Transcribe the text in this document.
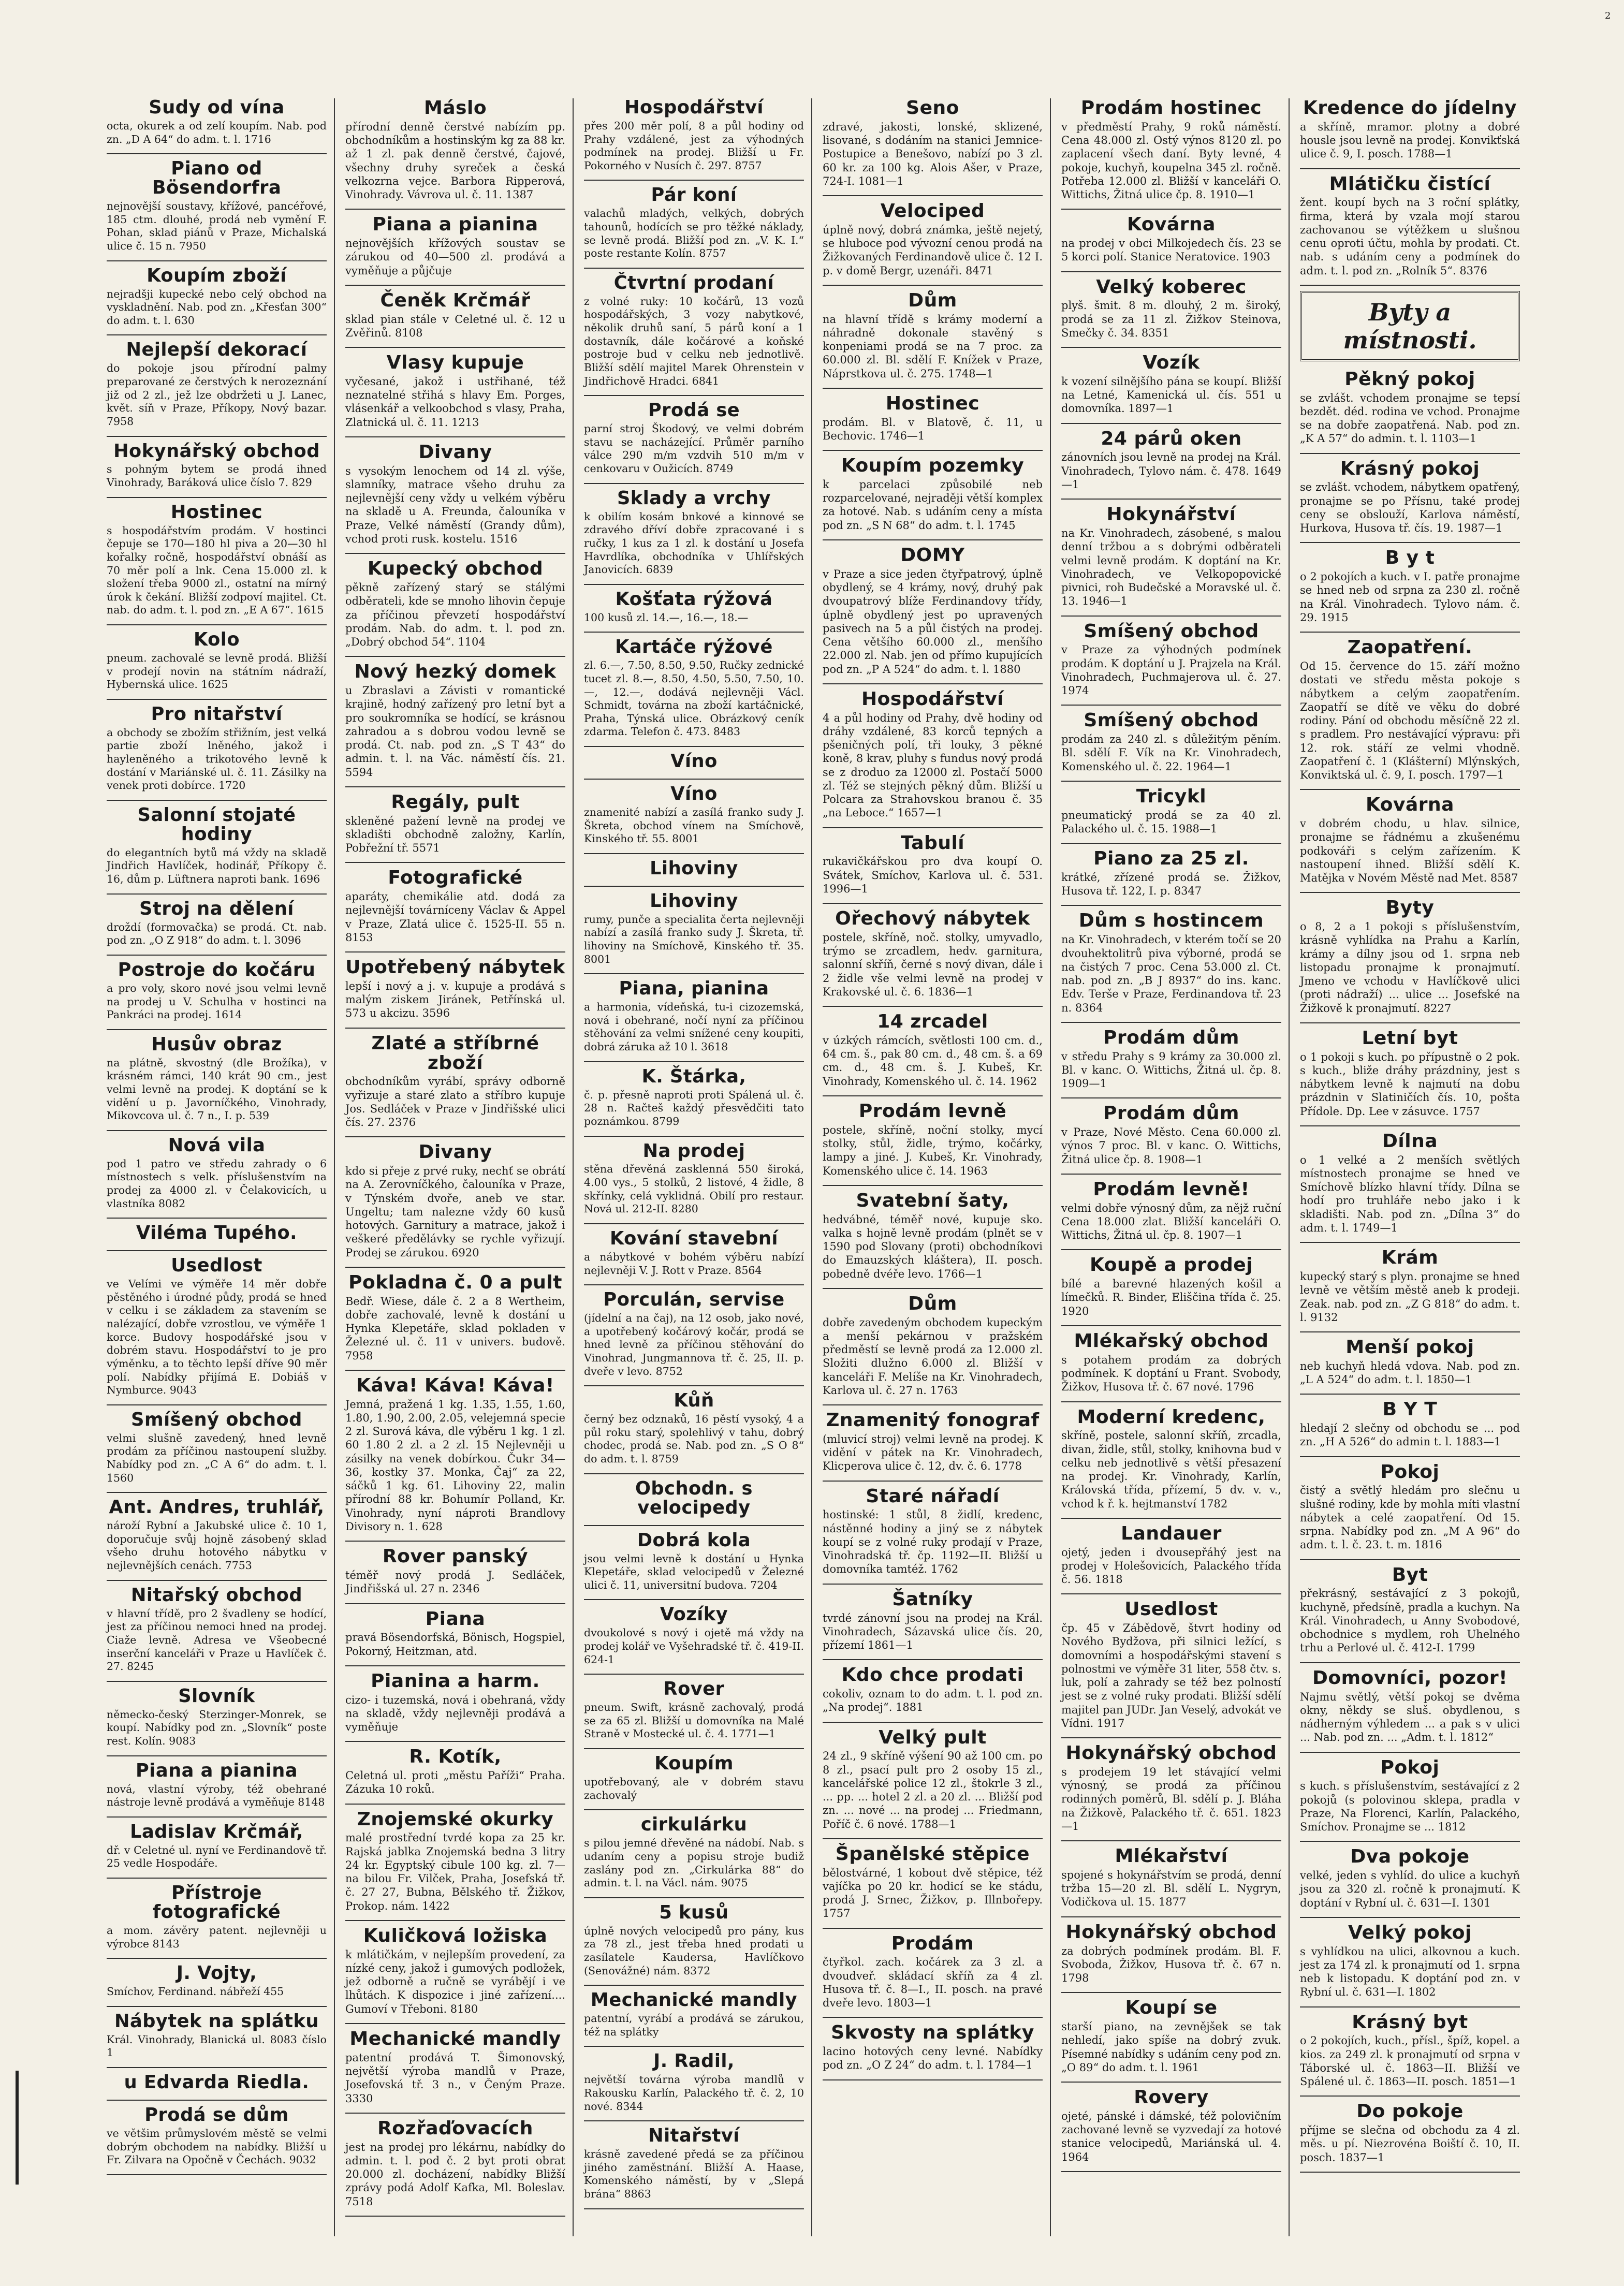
2
Sudy od vína

octa, okurek a od zelí koupím. Nab. pod zn. „D A 64“ do adm. t. l. 1716

Piano od Bösendorfra

nejnovější soustavy, křížové, pancéřové, 185 ctm. dlouhé, prodá neb vymění F. Pohan, sklad piánů v Praze, Michalská ulice č. 15 n. 7950

Koupím zboží

nejradšji kupecké nebo celý obchod na vyskladnění. Nab. pod zn. „Křesťan 300“ do adm. t. l. 630

Nejlepší dekorací

do pokoje jsou přírodní palmy preparované ze čerstvých k nerozeznání již od 2 zl., jež lze obdržeti u J. Lanec, květ. síň v Praze, Příkopy, Nový bazar. 7958

Hokynářský obchod

s pohným bytem se prodá ihned Vinohrady, Baráková ulice číslo 7. 829

Hostinec

s hospodářstvím prodám. V hostinci čepuje se 170—180 hl piva a 20—30 hl kořalky ročně, hospodářství obnáší as 70 měr polí a lnk. Cena 15.000 zl. k složení třeba 9000 zl., ostatní na mírný úrok k čekání. Bližší zodpoví majitel. Ct. nab. do adm. t. l. pod zn. „E A 67“. 1615

Kolo

pneum. zachovalé se levně prodá. Bližší v prodejí novin na státním nádraží, Hybernská ulice. 1625

Pro nitařství

a obchody se zbožím střižním, jest velká partie zboží lněného, jakož i hayleněného a trikotového levně k dostání v Mariánské ul. č. 11. Zásilky na venek proti dobírce. 1720

Salonní stojaté hodiny

do elegantních bytů má vždy na skladě Jindřich Havlíček, hodinář, Příkopy č. 16, dům p. Lüftnera naproti bank. 1696

Stroj na dělení

droždí (formovačka) se prodá. Ct. nab. pod zn. „O Z 918“ do adm. t. l. 3096

Postroje do kočáru

a pro voly, skoro nové jsou velmi levně na prodej u V. Schulha v hostinci na Pankráci na prodej. 1614

Husův obraz

na plátně, skvostný (dle Brožíka), v krásném rámci, 140 krát 90 cm., jest velmi levně na prodej. K doptání se k vidění u p. Javorníčkého, Vinohrady, Mikovcova ul. č. 7 n., I. p. 539

Nová vila

pod 1 patro ve středu zahrady o 6 místnostech s velk. příslušenstvím na prodej za 4000 zl. v Čelakovicích, u vlastníka 8082

Viléma Tupého.
Usedlost

ve Velími ve výměře 14 měr dobře pěstěného i úrodné půdy, prodá se hned v celku i se základem za stavením se nalézající, dobře vzrostlou, ve výměře 1 korce. Budovy hospodářské jsou v dobrém stavu. Hospodářství to je pro výměnku, a to těchto lepší dříve 90 měr polí. Nabídky přijímá E. Dobiáš v Nymburce. 9043

Smíšený obchod

velmi slušně zavedený, hned levně prodám za příčinou nastoupení služby. Nabídky pod zn. „C A 6“ do adm. t. l. 1560

Ant. Andres, truhlář,

nároží Rybní a Jakubské ulice č. 10 1, doporučuje svůj hojně zásobený sklad všeho druhu hotového nábytku v nejlevnějších cenách. 7753

Nitařský obchod

v hlavní třídě, pro 2 švadleny se hodící, jest za příčinou nemoci hned na prodej. Ciaže levně. Adresa ve Všeobecné inserční kanceláři v Praze u Havlíček č. 27. 8245

Slovník

německo-český Sterzinger-Monrek, se koupí. Nabídky pod zn. „Slovník“ poste rest. Kolín. 9083

Piana a pianina

nová, vlastní výroby, též obehrané nástroje levně prodává a vyměňuje 8148

Ladislav Krčmář,

dř. v Celetné ul. nyní ve Ferdinandově tř. 25 vedle Hospodáře.

Přístroje fotografické

a mom. závěry patent. nejlevněji u výrobce 8143

J. Vojty,

Smíchov, Ferdinand. nábřeží 455

Nábytek na splátku

Král. Vinohrady, Blanická ul. 8083 číslo 1

u Edvarda Riedla.
Prodá se dům

ve většim průmyslovém městě se velmi dobrým obchodem na nabídky. Bližší u Fr. Zilvara na Opočně v Čechách. 9032

Máslo

přírodní denně čerstvé nabízím pp. obchodníkům a hostinským kg za 88 kr. až 1 zl. pak denně čerstvé, čajové, všechny druhy syreček a česká velkozrna vejce. Barbora Ripperová, Vinohrady. Vávrova ul. č. 11. 1387

Piana a pianina

nejnovějších křížových soustav se zárukou od 40—500 zl. prodává a vyměňuje a půjčuje

Čeněk Krčmář

sklad pian stále v Celetné ul. č. 12 u Zvěřinů. 8108

Vlasy kupuje

vyčesané, jakož i ustřihané, též neznatelné střihá s hlavy Em. Porges, vlásenkář a velkoobchod s vlasy, Praha, Zlatnická ul. č. 11. 1213

Divany

s vysokým lenochem od 14 zl. výše, slamníky, matrace všeho druhu za nejlevnější ceny vždy u velkém výběru na skladě u A. Freunda, čalouníka v Praze, Velké náměstí (Grandy dům), vchod proti rusk. kostelu. 1516

Kupecký obchod

pěkně zařízený starý se stálými odběrateli, kde se mnoho lihovin čepuje za příčinou převzetí hospodářství prodám. Nab. do adm. t. l. pod zn. „Dobrý obchod 54“. 1104

Nový hezký domek

u Zbraslavi a Závisti v romantické krajině, hodný zařízený pro letní byt a pro soukromníka se hodící, se krásnou zahradou a s dobrou vodou levně se prodá. Ct. nab. pod zn. „S T 43“ do admin. t. l. na Vác. náměstí čís. 21. 5594

Regály, pult

skleněné pažení levně na prodej ve skladišti obchodně založny, Karlín, Pobřežní tř. 5571

Fotografické

aparáty, chemikálie atd. dodá za nejlevnější továrníceny Václav & Appel v Praze, Zlatá ulice č. 1525-II. 55 n. 8153

Upotřebený nábytek

lepší i nový a j. v. kupuje a prodává s malým ziskem Jiránek, Petřínská ul. 573 u akcizu. 3596

Zlaté a stříbrné zboží

obchodníkům vyrábí, správy odborně vyřizuje a staré zlato a stříbro kupuje Jos. Sedláček v Praze v Jindřišské ulici čís. 27. 2376

Divany

kdo si přeje z prvé ruky, nechť se obrátí na A. Zerovníčkého, čalouníka v Praze, v Týnském dvoře, aneb ve star. Ungeltu; tam nalezne vždy 60 kusů hotových. Garnitury a matrace, jakož i veškeré předělávky se rychle vyřizují. Prodej se zárukou. 6920

Pokladna č. 0 a pult

Bedř. Wiese, dále č. 2 a 8 Wertheim, dobře zachovalé, levně k dostání u Hynka Klepetáře, sklad pokladen v Železné ul. č. 11 v univers. budově. 7958

Káva! Káva! Káva!

Jemná, pražená 1 kg. 1.35, 1.55, 1.60, 1.80, 1.90, 2.00, 2.05, velejemná specie 2 zl. Surová káva, dle výběru 1 kg. 1 zl. 60 1.80 2 zl. a 2 zl. 15 Nejlevněji u zásilky na venek dobírkou. Čukr 34—36, kostky 37. Monka, Čaj“ za 22, sáčků 1 kg. 61. Lihoviny 22, malin přírodní 88 kr. Bohumír Polland, Kr. Vinohrady, nyní náproti Brandlovy Divisory n. 1. 628

Rover panský

téměř nový prodá J. Sedláček, Jindřišská ul. 27 n. 2346

Piana

pravá Bösendorfská, Bönisch, Hogspiel, Pokorný, Heitzman, atd.

Pianina a harm.

cizo- i tuzemská, nová i obehraná, vždy na skladě, vždy nejlevněji prodává a vyměňuje

R. Kotík,

Celetná ul. proti „městu Paříži“ Praha. Zázuka 10 roků.

Znojemské okurky

malé prostřední tvrdé kopa za 25 kr. Rajská jablka Znojemská bedna 3 litry 24 kr. Egyptský cibule 100 kg. zl. 7— na bilou Fr. Vilček, Praha, Josefská tř. č. 27 27, Bubna, Bělského tř. Žižkov, Prokop. nám. 1422

Kuličková ložiska

k mlátičkám, v nejlepším provedení, za nízké ceny, jakož i gumových podložek, jež odborně a ručně se vyrábějí i ve lhůtách. K dispozice i jiné zařízení.... Gumoví v Třeboni. 8180

Mechanické mandly

patentní prodává T. Šimonovský, největší výroba mandlů v Praze, Josefovská tř. 3 n., v Čeným Praze. 3330

Rozřaďovacích

jest na prodej pro lékárnu, nabídky do admin. t. l. pod č. 2 byt proti obrat 20.000 zl. docházení, nabídky Bližší zprávy podá Adolf Kafka, Ml. Boleslav. 7518

Hospodářství

přes 200 měr polí, 8 a půl hodiny od Prahy vzdálené, jest za výhodných podmínek na prodej. Bližší u Fr. Pokorného v Nusích č. 297. 8757

Pár koní

valachů mladých, velkých, dobrých tahounů, hodících se pro těžké náklady, se levně prodá. Bližší pod zn. „V. K. I.“ poste restante Kolín. 8757

Čtvrtní prodaní

z volné ruky: 10 kočárů, 13 vozů hospodářských, 3 vozy nabytkové, několik druhů saní, 5 párů koní a 1 dostavník, dále kočárové a koňské postroje bud v celku neb jednotlivě. Bližší sdělí majitel Marek Ohrenstein v Jindřichově Hradci. 6841

Prodá se

parní stroj Škodový, ve velmi dobrém stavu se nacházející. Průměr parního válce 290 m/m vzdvih 510 m/m v cenkovaru v Oužicích. 8749

Sklady a vrchy

k obilím kosám bnkové a kinnové se zdravého dříví dobře zpracované i s ručky, 1 kus za 1 zl. k dostání u Josefa Havrdlíka, obchodníka v Uhlířských Janovicích. 6839

Košťata rýžová

100 kusů zl. 14.—, 16.—, 18.—

Kartáče rýžové

zl. 6.—, 7.50, 8.50, 9.50, Ručky zednické tucet zl. 8.—, 8.50, 4.50, 5.50, 7.50, 10.—, 12.—, dodává nejlevněji Václ. Schmidt, továrna na zboží kartáčnické, Praha, Týnská ulice. Obrázkový ceník zdarma. Telefon č. 473. 8483

Víno
Víno

znamenité nabízí a zasílá franko sudy J. Škreta, obchod vínem na Smíchově, Kinského tř. 55. 8001

Lihoviny
Lihoviny

rumy, punče a specialita čerta nejlevněji nabízí a zasílá franko sudy J. Škreta, tř. lihoviny na Smíchově, Kinského tř. 35. 8001

Piana, pianina

a harmonia, vídeňská, tu-i cizozemská, nová i obehrané, nočí nyní za příčinou stěhování za velmi snížené ceny koupiti, dobrá záruka až 10 l. 3618

K. Štárka,

č. p. přesně naproti proti Spálená ul. č. 28 n. Račteš každý přesvědčiti tato poznámkou. 8799

Na prodej

stěna dřevěná zasklenná 550 široká, 4.00 vys., 5 stolků, 2 listové, 4 židle, 8 skřínky, celá vyklidná. Obilí pro restaur. Nová ul. 212-II. 8280

Kování stavební

a nábytkové v bohém výběru nabízí nejlevněji V. J. Rott v Praze. 8564

Porculán, servise

(jídelní a na čaj), na 12 osob, jako nové, a upotřebený kočárový kočár, prodá se hned levně za příčinou stěhování do Vinohrad, Jungmannova tř. č. 25, II. p. dveře v levo. 8752

Kůň

černý bez odznaků, 16 pěstí vysoký, 4 a půl roku starý, spolehlivý v tahu, dobrý chodec, prodá se. Nab. pod zn. „S O 8“ do adm. t. l. 8759

Obchodn. s velocipedy
Dobrá kola

jsou velmi levně k dostání u Hynka Klepetáře, sklad velocipedů v Železné ulici č. 11, universitní budova. 7204

Vozíky

dvoukolové s nový i ojetě má vždy na prodej kolář ve Vyšehradské tř. č. 419-II. 624-1

Rover

pneum. Swift, krásně zachovalý, prodá se za 65 zl. Bližší u domovníka na Malé Straně v Mostecké ul. č. 4. 1771—1

Koupím

upotřebovaný, ale v dobrém stavu zachovalý

cirkulárku

s pilou jemné dřevěné na nádobí. Nab. s udaním ceny a popisu stroje budiž zaslány pod zn. „Cirkulárka 88“ do admin. t. l. na Václ. nám. 9075

5 kusů

úplně nových velocipedů pro pány, kus za 78 zl., jest třeba hned prodati u zasílatele Kaudersa, Havlíčkovo (Senovážné) nám. 8372

Mechanické mandly

patentní, vyrábí a prodává se zárukou, též na splátky

J. Radil,

největší továrna výroba mandlů v Rakousku Karlín, Palackého tř. č. 2, 10 nové. 8344

Nitařství

krásně zavedené předá se za příčinou jiného zaměstnání. Bližší A. Haase, Komenského náměstí, by v „Slepá brána“ 8863

Seno

zdravé, jakosti, lonské, sklizené, lisované, s dodáním na stanici Jemnice-Postupice a Benešovo, nabízí po 3 zl. 60 kr. za 100 kg. Alois Ašer, v Praze, 724-I. 1081—1

Velociped

úplně nový, dobrá známka, ještě nejetý, se hluboce pod vývozní cenou prodá na Žižkovaných Ferdinandově ulice č. 12 I. p. v domě Bergr, uzenáři. 8471

Dům

na hlavní třídě s krámy moderní a náhradně dokonale stavěný s konpeniami prodá se na 7 proc. za 60.000 zl. Bl. sdělí F. Knížek v Praze, Náprstkova ul. č. 275. 1748—1

Hostinec

prodám. Bl. v Blatově, č. 11, u Bechovic. 1746—1

Koupím pozemky

k parcelaci způsobilé neb rozparcelované, nejraději větší komplex za hotové. Nab. s udáním ceny a místa pod zn. „S N 68“ do adm. t. l. 1745

DOMY

v Praze a sice jeden čtyřpatrový, úplně obydlený, se 4 krámy, nový, druhý pak dvoupatrový blíže Ferdinandovy třídy, úplně obydlený jest po upravených pasivech na 5 a půl čistých na prodej. Cena většího 60.000 zl., menšího 22.000 zl. Nab. jen od přímo kupujících pod zn. „P A 524“ do adm. t. l. 1880

Hospodářství

4 a půl hodiny od Prahy, dvě hodiny od dráhy vzdálené, 83 korců tepných a pšeničných polí, tři louky, 3 pěkné koně, 8 krav, pluhy s fundus nový prodá se z droduo za 12000 zl. Postačí 5000 zl. Též se stejných pěkný dům. Bližší u Polcara za Strahovskou branou č. 35 „na Leboce.“ 1657—1

Tabulí

rukavičkářskou pro dva koupí O. Svátek, Smíchov, Karlova ul. č. 531. 1996—1

Ořechový nábytek

postele, skříně, noč. stolky, umyvadlo, trýmo se zrcadlem, hedv. garnitura, salonní skříň, černé s nový divan, dále i 2 židle vše velmi levně na prodej v Krakovské ul. č. 6. 1836—1

14 zrcadel

v úzkých rámcích, světlosti 100 cm. d., 64 cm. š., pak 80 cm. d., 48 cm. š. a 69 cm. d., 48 cm. š. J. Kubeš, Kr. Vinohrady, Komenského ul. č. 14. 1962

Prodám levně

postele, skříně, noční stolky, mycí stolky, stůl, židle, trýmo, kočárky, lampy a jiné. J. Kubeš, Kr. Vinohrady, Komenského ulice č. 14. 1963

Svatební šaty,

hedvábné, téměř nové, kupuje sko. valka s hojně levně prodám (plnět se v 1590 pod Slovany (proti) obchodníkovi do Emauzských kláštera), II. posch. pobedně dvéře levo. 1766—1

Dům

dobře zavedeným obchodem kupeckým a menší pekárnou v pražském předměstí se levně prodá za 12.000 zl. Složiti dlužno 6.000 zl. Bližší v kanceláři F. Melíše na Kr. Vinohradech, Karlova ul. č. 27 n. 1763

Znamenitý fonograf

(mluvicí stroj) velmi levně na prodej. K vidění v pátek na Kr. Vinohradech, Klicperova ulice č. 12, dv. č. 6. 1778

Staré nářadí

hostinské: 1 stůl, 8 židlí, kredenc, nástěnné hodiny a jiný se z nábytek koupí se z volné ruky prodají v Praze, Vinohradská tř. čp. 1192—II. Bližší u domovníka tamtéž. 1762

Šatníky

tvrdé zánovní jsou na prodej na Král. Vinohradech, Sázavská ulice čís. 20, přízemí 1861—1

Kdo chce prodati

cokoliv, oznam to do adm. t. l. pod zn. „Na prodej“. 1881

Velký pult

24 zl., 9 skříně výšení 90 až 100 cm. po 8 zl., psací pult pro 2 osoby 15 zl., kancelářské police 12 zl., štokrle 3 zl., ... pp. ... hotel 2 zl. a 20 zl. ... Bližší pod zn. ... nové ... na prodej ... Friedmann, Poříč č. 6 nové. 1788—1

Španělské stěpice

bělostvárné, 1 kobout dvě stěpice, též vajíčka po 20 kr. hodicí se ke stádu, prodá J. Srnec, Žižkov, p. Illnbořepy. 1757

Prodám

čtyřkol. zach. kočárek za 3 zl. a dvoudveř. skládací skříň za 4 zl. Husova tř. č. 8—I., II. posch. na pravé dveře levo. 1803—1

Skvosty na splátky

lacino hotových ceny levné. Nabídky pod zn. „O Z 24“ do adm. t. l. 1784—1

Prodám hostinec

v předměstí Prahy, 9 roků náměstí. Cena 48.000 zl. Ostý výnos 8120 zl. po zaplacení všech daní. Byty levné, 4 pokoje, kuchyň, koupelna 345 zl. ročně. Potřeba 12.000 zl. Bližší v kanceláři O. Wittichs, Žitná ulice čp. 8. 1910—1

Kovárna

na prodej v obci Milkojedech čís. 23 se 5 korci polí. Stanice Neratovice. 1903

Velký koberec

plyš. šmit. 8 m. dlouhý, 2 m. široký, prodá se za 11 zl. Žižkov Steinova, Smečky č. 34. 8351

Vozík

k vození silnějšího pána se koupí. Bližší na Letné, Kamenická ul. čís. 551 u domovníka. 1897—1

24 párů oken

zánovních jsou levně na prodej na Král. Vinohradech, Tylovo nám. č. 478. 1649—1

Hokynářství

na Kr. Vinohradech, zásobené, s malou denní tržbou a s dobrými odběrateli velmi levně prodám. K doptání na Kr. Vinohradech, ve Velkopopovické pivnici, roh Budečské a Moravské ul. č. 13. 1946—1

Smíšený obchod

v Praze za výhodných podmínek prodám. K doptání u J. Prajzela na Král. Vinohradech, Puchmajerova ul. č. 27. 1974

Smíšený obchod

prodám za 240 zl. s důležitým pěním. Bl. sdělí F. Vík na Kr. Vinohradech, Komenského ul. č. 22. 1964—1

Tricykl

pneumatický prodá se za 40 zl. Palackého ul. č. 15. 1988—1

Piano za 25 zl.

krátké, zřízené prodá se. Žižkov, Husova tř. 122, I. p. 8347

Dům s hostincem

na Kr. Vinohradech, v kterém točí se 20 dvouhektolitrů piva výborné, prodá se na čistých 7 proc. Cena 53.000 zl. Ct. nab. pod zn. „B J 8937“ do ins. kanc. Edv. Terše v Praze, Ferdinandova tř. 23 n. 8364

Prodám dům

v středu Prahy s 9 krámy za 30.000 zl. Bl. v kanc. O. Wittichs, Žitná ul. čp. 8. 1909—1

Prodám dům

v Praze, Nové Město. Cena 60.000 zl. výnos 7 proc. Bl. v kanc. O. Wittichs, Žitná ulice čp. 8. 1908—1

Prodám levně!

velmi dobře výnosný dům, za nějž ruční Cena 18.000 zlat. Bližší kanceláři O. Wittichs, Žitná ul. čp. 8. 1907—1

Koupě a prodej

bílé a barevné hlazených košil a límečků. R. Binder, Eliščina třída č. 25. 1920

Mlékařský obchod

s potahem prodám za dobrých podmínek. K doptání u Frant. Svobody, Žižkov, Husova tř. č. 67 nové. 1796

Moderní kredenc,

skříně, postele, salonní skříň, zrcadla, divan, židle, stůl, stolky, knihovna bud v celku neb jednotlivě s větší přesazení na prodej. Kr. Vinohrady, Karlín, Královská třída, přízemí, 5 dv. v. v., vchod k ř. k. hejtmanství 1782

Landauer

ojetý, jeden i dvousepřáhý jest na prodej v Holešovicích, Palackého třída č. 56. 1818

Usedlost

čp. 45 v Zábědově, štvrt hodiny od Nového Bydžova, při silnici ležící, s domovními a hospodářskými stavení s polnostmi ve výměře 31 liter, 558 čtv. s. luk, polí a zahrady se též bez polností jest se z volné ruky prodati. Bližší sdělí majitel pan JUDr. Jan Veselý, advokát ve Vídni. 1917

Hokynářský obchod

s prodejem 19 let stávající velmi výnosný, se prodá za příčinou rodinných poměrů, Bl. sdělí p. J. Bláha na Žižkově, Palackého tř. č. 651. 1823—1

Mlékařství

spojené s hokynářstvím se prodá, denní tržba 15—20 zl. Bl. sdělí L. Nygryn, Vodičkova ul. 15. 1877

Hokynářský obchod

za dobrých podmínek prodám. Bl. F. Svoboda, Žižkov, Husova tř. č. 67 n. 1798

Koupí se

starší piano, na zevnějšek se tak nehledí, jako spíše na dobrý zvuk. Písemné nabídky s udáním ceny pod zn. „O 89“ do adm. t. l. 1961

Rovery

ojeté, pánské i dámské, též polovičním zachované levně se vyzvedají za hotové stanice velocipedů, Mariánská ul. 4. 1964

Kredence do jídelny

a skříně, mramor. plotny a dobré housle jsou levně na prodej. Konvikťská ulice č. 9, I. posch. 1788—1

Mlátičku čistící

žent. koupí bych na 3 roční splátky, firma, která by vzala mojí starou zachovanou se výtěžkem u slušnou cenu oproti účtu, mohla by prodati. Ct. nab. s udáním ceny a podmínek do adm. t. l. pod zn. „Rolník 5“. 8376

Byty a místnosti.
Pěkný pokoj

se zvlášt. vchodem pronajme se tepsí bezdět. déd. rodina ve vchod. Pronajme se na dobře zaopatřená. Nab. pod zn. „K A 57“ do admin. t. l. 1103—1

Krásný pokoj

se zvlášt. vchodem, nábytkem opatřený, pronajme se po Přísnu, také prodej ceny se obslouží, Karlova náměstí, Hurkova, Husova tř. čís. 19. 1987—1

B y t

o 2 pokojích a kuch. v I. patře pronajme se hned neb od srpna za 230 zl. ročně na Král. Vinohradech. Tylovo nám. č. 29. 1915

Zaopatření.

Od 15. července do 15. září možno dostati ve středu města pokoje s nábytkem a celým zaopatřením. Zaopatří se dítě ve věku do dobré rodiny. Pání od obchodu měsíčně 22 zl. s pradlem. Pro nestávající výpravu: při 12. rok. stáří ze velmi vhodně. Zaopatření č. 1 (Klášterní) Mlýnských, Konviktská ul. č. 9, I. posch. 1797—1

Kovárna

v dobrém chodu, u hlav. silnice, pronajme se řádnému a zkušenému podkováři s celým zařízením. K nastoupení ihned. Bližší sdělí K. Matějka v Novém Městě nad Met. 8587

Byty

o 8, 2 a 1 pokoji s příslušenstvím, krásně vyhlídka na Prahu a Karlín, krámy a dílny jsou od 1. srpna neb listopadu pronajme k pronajmutí. Jmeno ve vchodu v Havlíčkově ulici (proti nádraží) ... ulice ... Josefské na Žižkově k pronajmutí. 8227

Letní byt

o 1 pokoji s kuch. po přípustně o 2 pok. s kuch., bliže dráhy prázdniny, jest s nábytkem levně k najmutí na dobu prázdnin v Slatiničích čís. 10, pošta Přídole. Dp. Lee v zásuvce. 1757

Dílna

o 1 velké a 2 menších světlých místnostech pronajme se hned ve Smíchově blízko hlavní třídy. Dílna se hodí pro truhláře nebo jako i k skladišti. Nab. pod zn. „Dílna 3“ do adm. t. l. 1749—1

Krám

kupecký starý s plyn. pronajme se hned levně ve větším městě aneb k prodeji. Zeak. nab. pod zn. „Z G 818“ do adm. t. l. 9132

Menší pokoj

neb kuchyň hledá vdova. Nab. pod zn. „L A 524“ do adm. t. l. 1850—1

B Y T

hledají 2 slečny od obchodu se ... pod zn. „H A 526“ do admin t. l. 1883—1

Pokoj

čistý a světlý hledám pro slečnu u slušné rodiny, kde by mohla míti vlastní nábytek a celé zaopatření. Od 15. srpna. Nabídky pod zn. „M A 96“ do adm. t. l. č. 23. t. m. 1816

Byt

překrásný, sestávající z 3 pokojů, kuchyně, předsíně, pradla a kuchyn. Na Král. Vinohradech, u Anny Svobodové, obchodnice s mydlem, roh Uhelného trhu a Perlové ul. č. 412-I. 1799

Domovníci, pozor!

Najmu světlý, větší pokoj se dvěma okny, někdy se sluš. obydlenou, s nádherným výhledem ... a pak s v ulici ... Nab. pod zn. ... „Adm. t. l. 1812“

Pokoj

s kuch. s příslušenstvím, sestávající z 2 pokojů (s polovinou sklepa, pradla v Praze, Na Florenci, Karlín, Palackého, Smíchov. Pronajme se ... 1812

Dva pokoje

velké, jeden s vyhlíd. do ulice a kuchyň jsou za 320 zl. ročně k pronajmutí. K doptání v Rybní ul. č. 631—I. 1301

Velký pokoj

s vyhlídkou na ulici, alkovnou a kuch. jest za 174 zl. k pronajmutí od 1. srpna neb k listopadu. K doptání pod zn. v Rybní ul. č. 631—I. 1802

Krásný byt

o 2 pokojích, kuch., přísl., špíž, kopel. a kios. za 249 zl. k pronajmutí od srpna v Táborské ul. č. 1863—II. Bližší ve Spálené ul. č. 1863—II. posch. 1851—1

Do pokoje

příjme se slečna od obchodu za 4 zl. měs. u pí. Niezrovéna Boiští č. 10, II. posch. 1837—1
